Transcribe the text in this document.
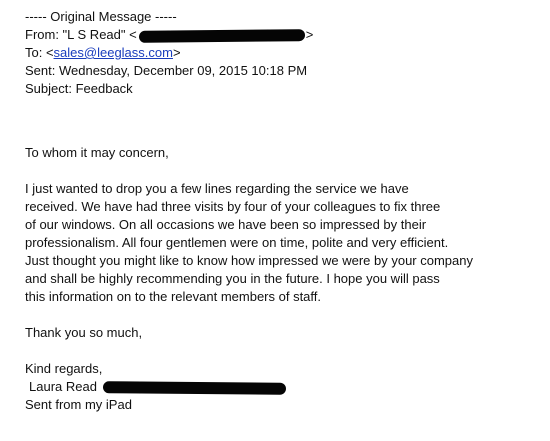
----- Original Message -----
From: "L S Read" <	>
To: <sales@leeglass.com>
Sent: Wednesday, December 09, 2015 10:18 PM
Subject: Feedback
To whom it may concern,
I just wanted to drop you a few lines regarding the service we have
received. We have had three visits by four of your colleagues to fix three
of our windows. On all occasions we have been so impressed by their
professionalism. All four gentlemen were on time, polite and very efficient.
Just thought you might like to know how impressed we were by your company
and shall be highly recommending you in the future. I hope you will pass
this information on to the relevant members of staff.
Thank you so much,
Kind regards,
Laura Read
Sent from my iPad
